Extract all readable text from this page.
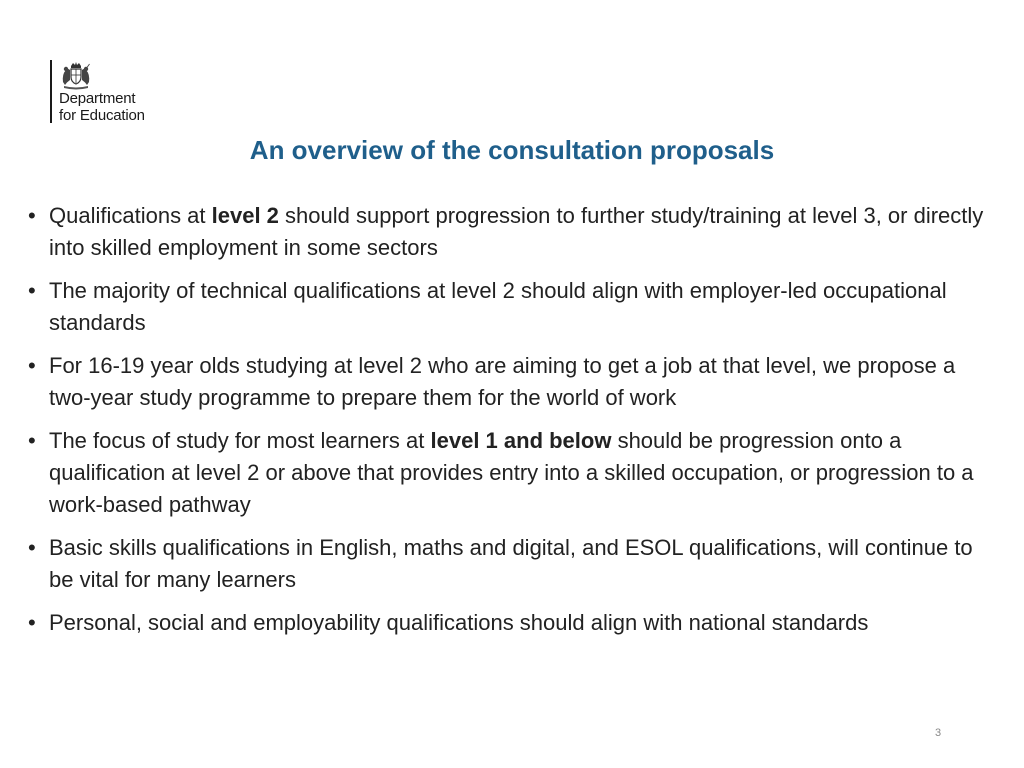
Department
for Education
An overview of the consultation proposals
• Qualifications at level 2 should support progression to further study/training at level 3, or directly into skilled employment in some sectors
• The majority of technical qualifications at level 2 should align with employer-led occupational standards
• For 16-19 year olds studying at level 2 who are aiming to get a job at that level, we propose a two-year study programme to prepare them for the world of work
• The focus of study for most learners at level 1 and below should be progression onto a qualification at level 2 or above that provides entry into a skilled occupation, or progression to a work-based pathway
• Basic skills qualifications in English, maths and digital, and ESOL qualifications, will continue to be vital for many learners
• Personal, social and employability qualifications should align with national standards
3
